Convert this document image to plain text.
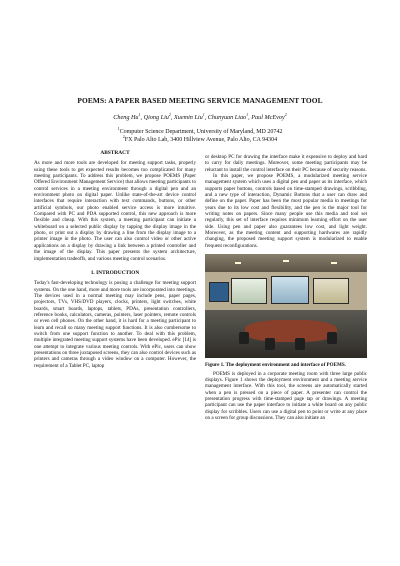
POEMS: A PAPER BASED MEETING SERVICE MANAGEMENT TOOL
Cheng Hu$^1$, Qiong Liu$^2$, Xuemin Liu$^1$, Chunyuan Liao$^1$, Paul McEvoy$^2$
$^1$Computer Science Department, University of Maryland, MD 20742
$^2$FX Palo Alto Lab, 3400 Hillview Avenue, Palo Alto, CA 94304
ABSTRACT

As more and more tools are developed for meeting support tasks, properly using these tools to get expected results becomes too complicated for many meeting participants. To address this problem, we propose POEMS (Paper Offered Environment Management Service) that allows meeting participants to control services in a meeting environment through a digital pen and an environment photo on digital paper. Unlike state-of-the-art device control interfaces that require interaction with text commands, buttons, or other artificial symbols, our photo enabled service access is more intuitive. Compared with PC and PDA supported control, this new approach is more flexible and cheap. With this system, a meeting participant can initiate a whiteboard on a selected public display by tapping the display image in the photo, or print out a display by drawing a line from the display image to a printer image in the photo. The user can also control video or other active applications on a display by drawing a link between a printed controller and the image of the display. This paper presents the system architecture, implementation tradeoffs, and various meeting control scenarios.

1. INTRODUCTION

Today's fast-developing technology is posing a challenge for meeting support systems. On the one hand, more and more tools are incorporated into meetings. The devices used in a normal meeting may include pens, paper pages, projectors, TVs, VHS/DVD players, clocks, printers, light switches, white boards, smart boards, laptops, tablets, PDAs, presentation controllers, reference books, calculators, cameras, pointers, laser pointers, remote controls or even cell phones. On the other hand, it is hard for a meeting participant to learn and recall so many meeting support functions. It is also cumbersome to switch from one support function to another. To deal with this problem, multiple integrated meeting support systems have been developed. ePic [14] is one attempt to integrate various meeting controls. With ePic, users can show presentations on three juxtaposed screens, they can also control devices such as printers and cameras through a video window on a computer. However, the requirement of a Tablet PC, laptop

or desktop PC for drawing the interface make it expensive to deploy and hard to carry for daily meetings. Moreover, some meeting participants may be reluctant to install the control interface on their PC because of security reasons.

In this paper, we propose POEMS, a modularized meeting service management system which uses a digital pen and paper as its interface, which supports paper buttons, controls based on time-stamped drawings, scribbling, and a new type of interaction, Dynamic Buttons that a user can draw and define on the paper. Paper has been the most popular media in meetings for years due to its low cost and flexibility, and the pen is the major tool for writing notes on papers. Since many people use this media and tool set regularly, this set of interface requires minimum learning effort on the user side. Using pen and paper also guarantees low cost, and light weight. Moreover, as the meeting content and supporting hardwares are rapidly changing, the proposed meeting support system is modularized to enable frequent reconfigurations.

Figure 1. The deployment environment and interface of POEMS.

POEMS is deployed in a corporate meeting room with three large public displays. Figure 1 shows the deployment environment and a meeting service management interface. With this tool, the screens are automatically started when a pen is pressed on a piece of paper. A presenter can control the presentation progress with time-stamped page tap or drawings. A meeting participant can use the paper interface to initiate a white board on any public display for scribbles. Users can use a digital pen to point or write at any place on a screen for group discussions. They can also initiate an
